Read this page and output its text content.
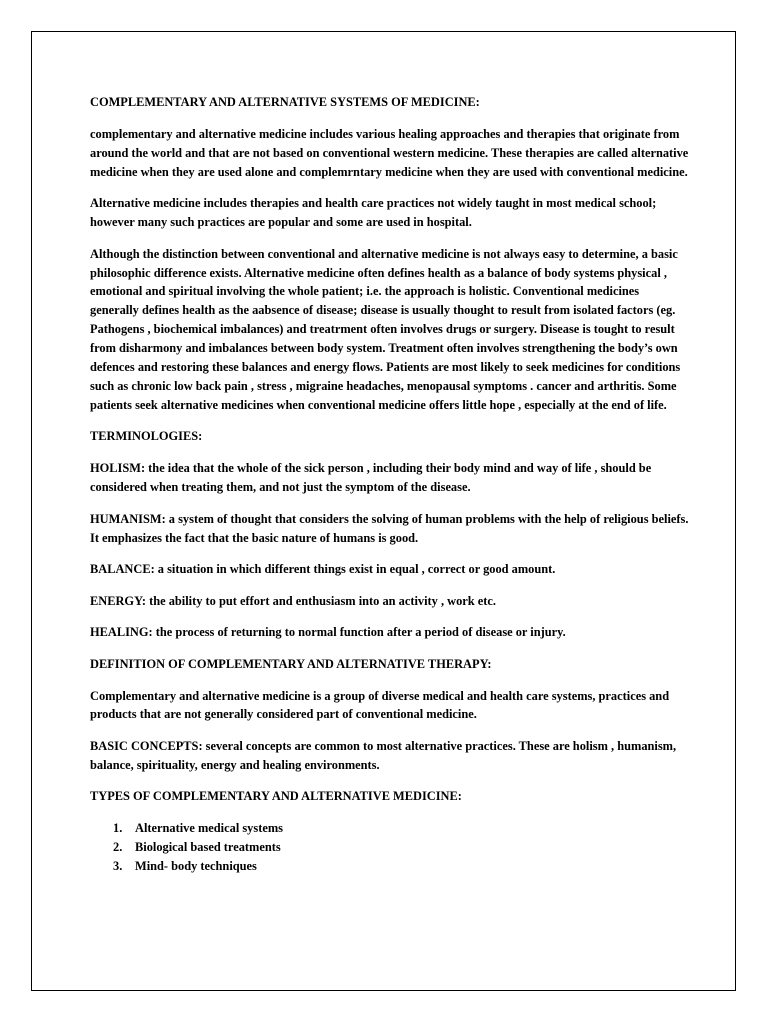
COMPLEMENTARY AND ALTERNATIVE SYSTEMS OF MEDICINE:

complementary and alternative medicine includes various healing approaches and therapies that originate from around the world and that are not based on conventional western medicine. These therapies are called alternative medicine when they are used alone and complemrntary medicine when they are used with conventional medicine.

Alternative medicine includes therapies and health care practices not widely taught in most medical school; however many such practices are popular and some are used in hospital.

Although the distinction between conventional and alternative medicine is not always easy to determine, a basic philosophic difference exists. Alternative medicine often defines health as a balance of body systems physical , emotional and spiritual involving the whole patient; i.e. the approach is holistic. Conventional medicines generally defines health as the aabsence of disease; disease is usually thought to result from isolated factors (eg. Pathogens , biochemical imbalances) and treatrment often involves drugs or surgery. Disease is tought to result from disharmony and imbalances between body system. Treatment often involves strengthening the body’s own defences and restoring these balances and energy flows. Patients are most likely to seek medicines for conditions such as chronic low back pain , stress , migraine headaches, menopausal symptoms . cancer and arthritis. Some patients seek alternative medicines when conventional medicine offers little hope , especially at the end of life.

TERMINOLOGIES:

HOLISM: the idea that the whole of the sick person , including their body mind and way of life , should be considered when treating them, and not just the symptom of the disease.

HUMANISM: a system of thought that considers the solving of human problems with the help of religious beliefs. It emphasizes the fact that the basic nature of humans is good.

BALANCE: a situation in which different things exist in equal , correct or good amount.

ENERGY: the ability to put effort and enthusiasm into an activity , work etc.

HEALING: the process of returning to normal function after a period of disease or injury.

DEFINITION OF COMPLEMENTARY AND ALTERNATIVE THERAPY:

Complementary and alternative medicine is a group of diverse medical and health care systems, practices and products that are not generally considered part of conventional medicine.

BASIC CONCEPTS: several concepts are common to most alternative practices. These are holism , humanism, balance, spirituality, energy and healing environments.

TYPES OF COMPLEMENTARY AND ALTERNATIVE MEDICINE:

1.	Alternative medical systems
2.	Biological based treatments
3.	Mind- body techniques
